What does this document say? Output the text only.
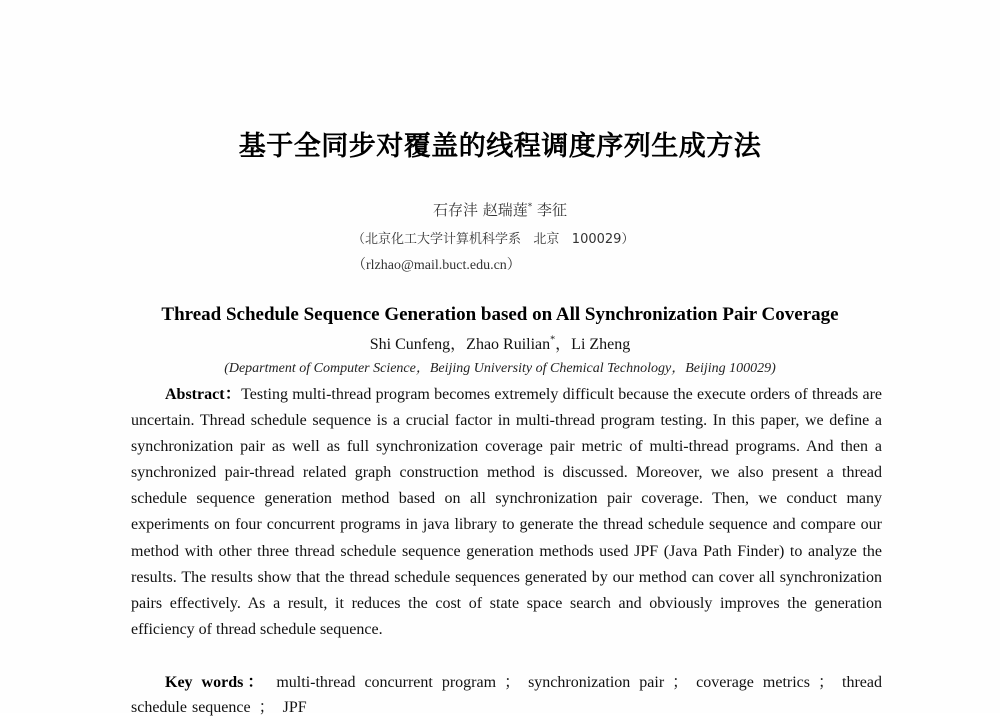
基于全同步对覆盖的线程调度序列生成方法
石存沣 赵瑞莲* 李征
（北京化工大学计算机科学系   北京   100029）
（rlzhao@mail.buct.edu.cn）
Thread Schedule Sequence Generation based on All Synchronization Pair Coverage
Shi Cunfeng，Zhao Ruilian*，Li Zheng
(Department of Computer Science，Beijing University of Chemical Technology，Beijing 100029)

Abstract：Testing multi-thread program becomes extremely difficult because the execute orders of threads are uncertain. Thread schedule sequence is a crucial factor in multi-thread program testing. In this paper, we define a synchronization pair as well as full synchronization coverage pair metric of multi-thread programs. And then a synchronized pair-thread related graph construction method is discussed. Moreover, we also present a thread schedule sequence generation method based on all synchronization pair coverage. Then, we conduct many experiments on four concurrent programs in java library to generate the thread schedule sequence and compare our method with other three thread schedule sequence generation methods used JPF (Java Path Finder) to analyze the results. The results show that the thread schedule sequences generated by our method can cover all synchronization pairs effectively. As a result, it reduces the cost of state space search and obviously improves the generation efficiency of thread schedule sequence.

Key words： multi-thread concurrent program ； synchronization pair ； coverage metrics ； thread schedule sequence ； JPF
